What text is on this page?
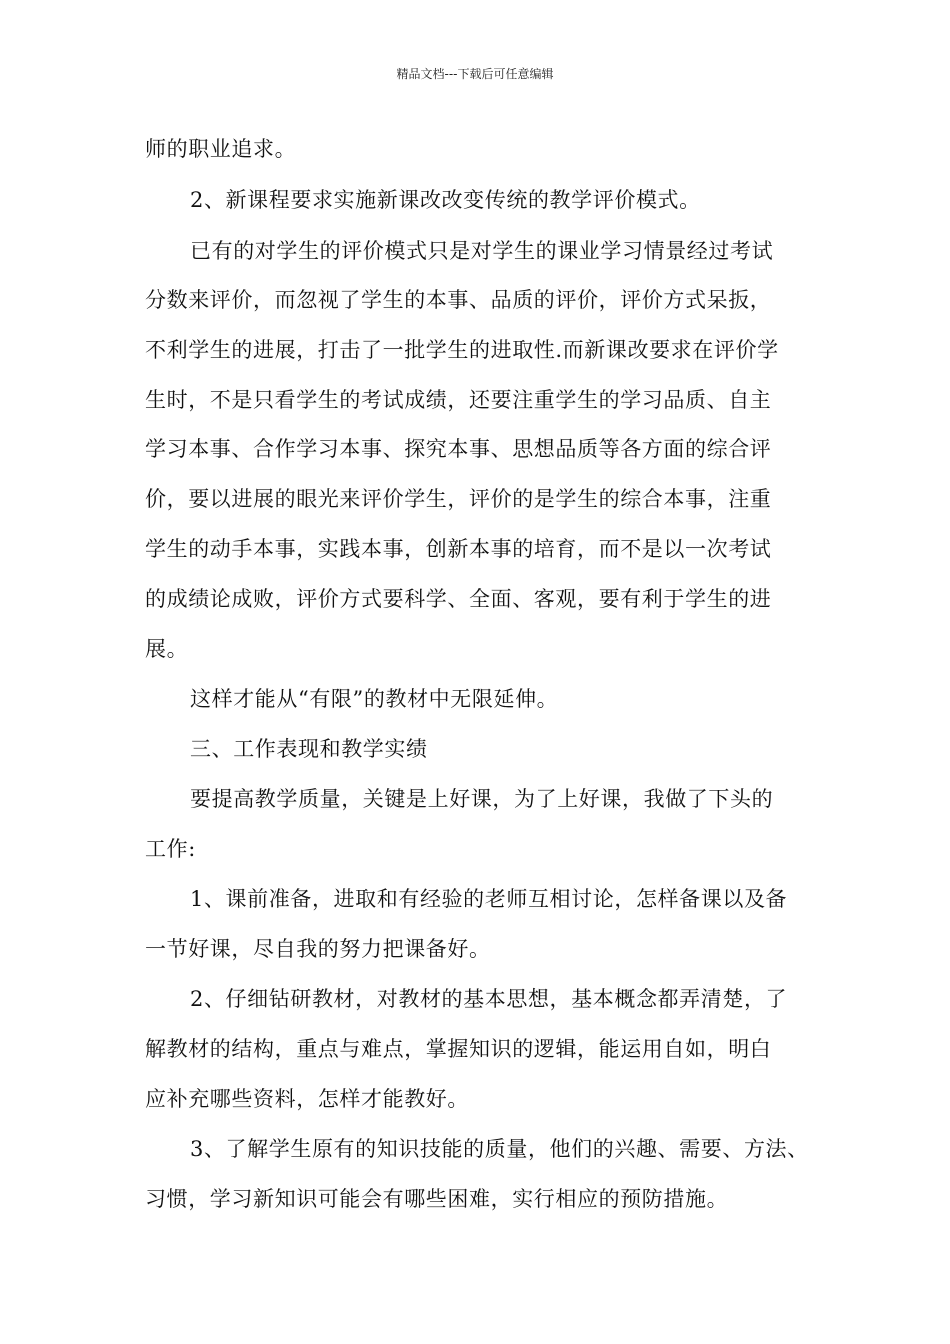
精品文档---下载后可任意编辑
师的职业追求。
2、新课程要求实施新课改改变传统的教学评价模式。
已有的对学生的评价模式只是对学生的课业学习情景经过考试
分数来评价，而忽视了学生的本事、品质的评价，评价方式呆扳，
不利学生的进展，打击了一批学生的进取性.而新课改要求在评价学
生时，不是只看学生的考试成绩，还要注重学生的学习品质、自主
学习本事、合作学习本事、探究本事、思想品质等各方面的综合评
价，要以进展的眼光来评价学生，评价的是学生的综合本事，注重
学生的动手本事，实践本事，创新本事的培育，而不是以一次考试
的成绩论成败，评价方式要科学、全面、客观，要有利于学生的进
展。
这样才能从“有限”的教材中无限延伸。
三、工作表现和教学实绩
要提高教学质量，关键是上好课，为了上好课，我做了下头的
工作:
1、课前准备，进取和有经验的老师互相讨论，怎样备课以及备
一节好课，尽自我的努力把课备好。
2、仔细钻研教材，对教材的基本思想，基本概念都弄清楚，了
解教材的结构，重点与难点，掌握知识的逻辑，能运用自如，明白
应补充哪些资料，怎样才能教好。
3、了解学生原有的知识技能的质量，他们的兴趣、需要、方法、
习惯，学习新知识可能会有哪些困难，实行相应的预防措施。
